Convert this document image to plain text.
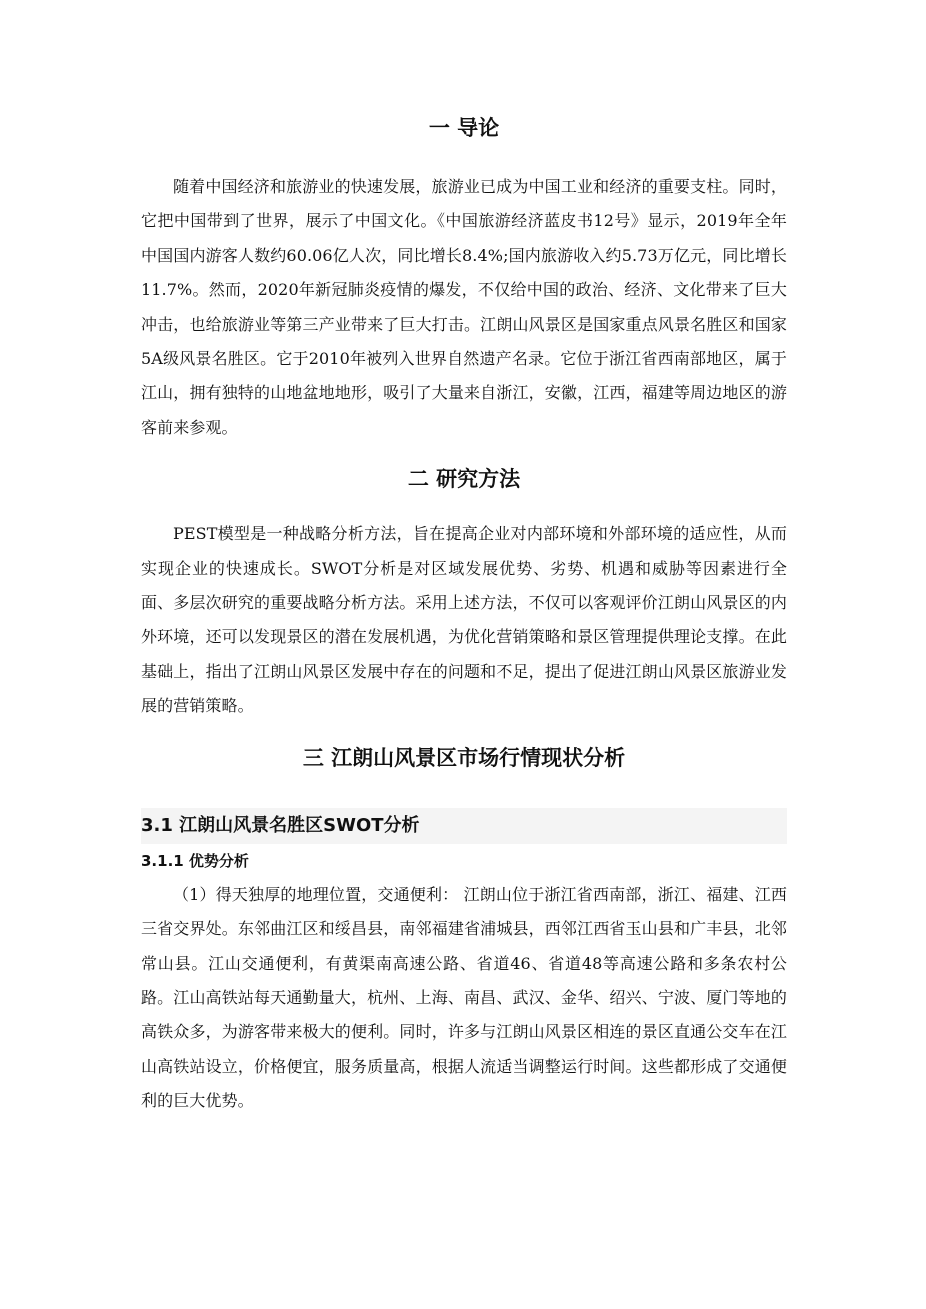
一 导论

随着中国经济和旅游业的快速发展，旅游业已成为中国工业和经济的重要支柱。同时，它把中国带到了世界，展示了中国文化。《中国旅游经济蓝皮书12号》显示，2019年全年中国国内游客人数约60.06亿人次，同比增长8.4%;国内旅游收入约5.73万亿元，同比增长11.7%。然而，2020年新冠肺炎疫情的爆发，不仅给中国的政治、经济、文化带来了巨大冲击，也给旅游业等第三产业带来了巨大打击。江朗山风景区是国家重点风景名胜区和国家5A级风景名胜区。它于2010年被列入世界自然遗产名录。它位于浙江省西南部地区，属于江山，拥有独特的山地盆地地形，吸引了大量来自浙江，安徽，江西，福建等周边地区的游客前来参观。

二 研究方法

PEST模型是一种战略分析方法，旨在提高企业对内部环境和外部环境的适应性，从而实现企业的快速成长。SWOT分析是对区域发展优势、劣势、机遇和威胁等因素进行全面、多层次研究的重要战略分析方法。采用上述方法，不仅可以客观评价江朗山风景区的内外环境，还可以发现景区的潜在发展机遇，为优化营销策略和景区管理提供理论支撑。在此基础上，指出了江朗山风景区发展中存在的问题和不足，提出了促进江朗山风景区旅游业发展的营销策略。

三 江朗山风景区市场行情现状分析
3.1 江朗山风景名胜区SWOT分析
3.1.1 优势分析

（1）得天独厚的地理位置，交通便利： 江朗山位于浙江省西南部，浙江、福建、江西三省交界处。东邻曲江区和绥昌县，南邻福建省浦城县，西邻江西省玉山县和广丰县，北邻常山县。江山交通便利，有黄渠南高速公路、省道46、省道48等高速公路和多条农村公路。江山高铁站每天通勤量大，杭州、上海、南昌、武汉、金华、绍兴、宁波、厦门等地的高铁众多，为游客带来极大的便利。同时，许多与江朗山风景区相连的景区直通公交车在江山高铁站设立，价格便宜，服务质量高，根据人流适当调整运行时间。这些都形成了交通便利的巨大优势。
